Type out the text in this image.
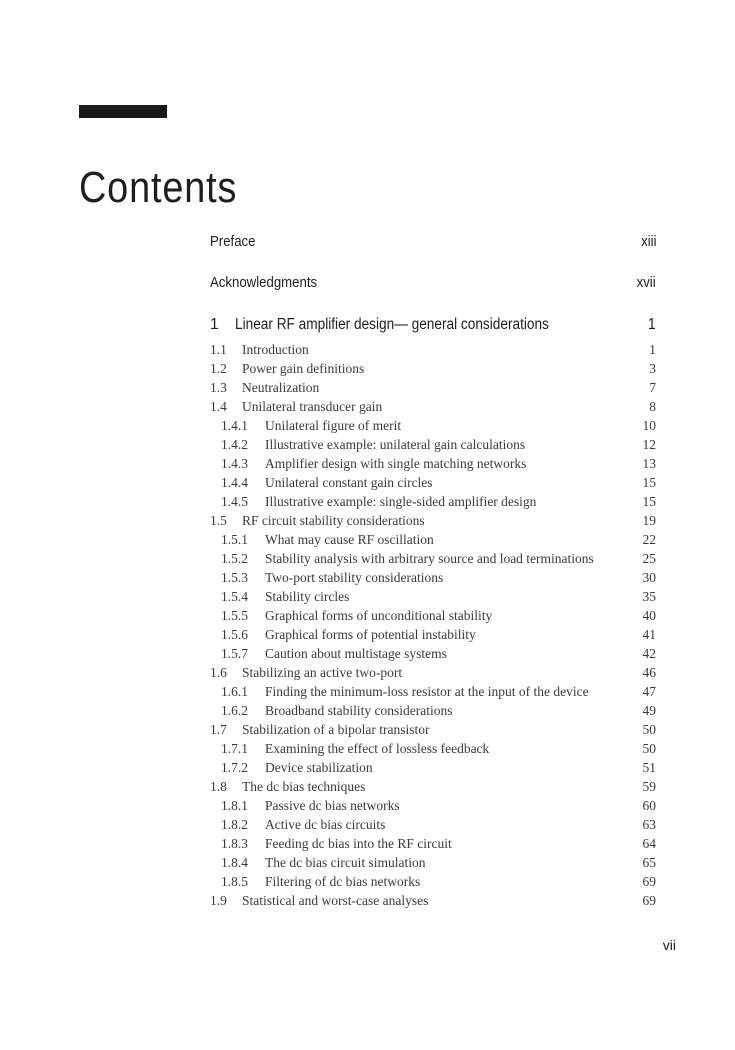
Contents
Preface	xiii
Acknowledgments	xvii
1	Linear RF amplifier design— general considerations	1
1.1	Introduction	1
1.2	Power gain definitions	3
1.3	Neutralization	7
1.4	Unilateral transducer gain	8
1.4.1	Unilateral figure of merit	10
1.4.2	Illustrative example: unilateral gain calculations	12
1.4.3	Amplifier design with single matching networks	13
1.4.4	Unilateral constant gain circles	15
1.4.5	Illustrative example: single-sided amplifier design	15
1.5	RF circuit stability considerations	19
1.5.1	What may cause RF oscillation	22
1.5.2	Stability analysis with arbitrary source and load terminations	25
1.5.3	Two-port stability considerations	30
1.5.4	Stability circles	35
1.5.5	Graphical forms of unconditional stability	40
1.5.6	Graphical forms of potential instability	41
1.5.7	Caution about multistage systems	42
1.6	Stabilizing an active two-port	46
1.6.1	Finding the minimum-loss resistor at the input of the device	47
1.6.2	Broadband stability considerations	49
1.7	Stabilization of a bipolar transistor	50
1.7.1	Examining the effect of lossless feedback	50
1.7.2	Device stabilization	51
1.8	The dc bias techniques	59
1.8.1	Passive dc bias networks	60
1.8.2	Active dc bias circuits	63
1.8.3	Feeding dc bias into the RF circuit	64
1.8.4	The dc bias circuit simulation	65
1.8.5	Filtering of dc bias networks	69
1.9	Statistical and worst-case analyses	69
vii
